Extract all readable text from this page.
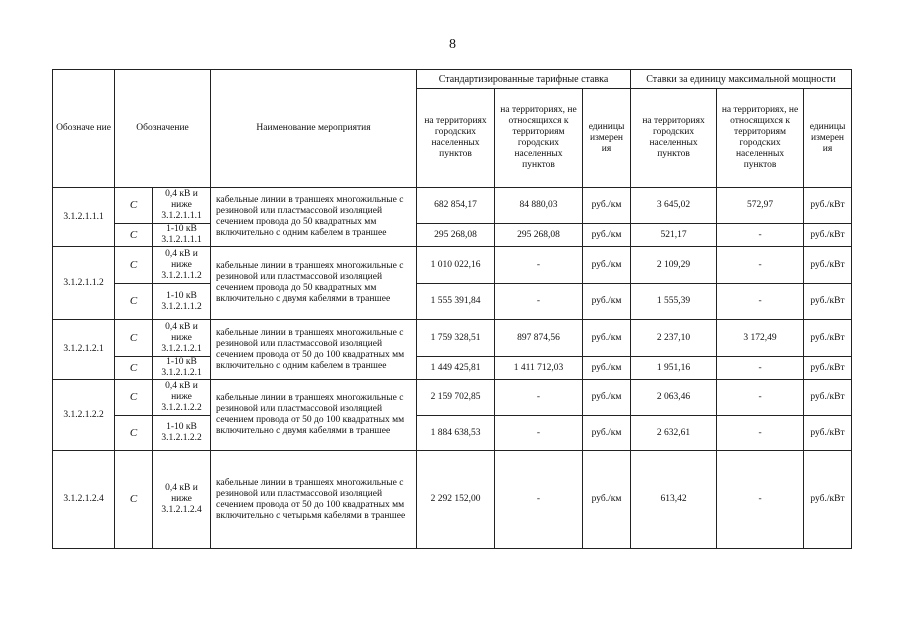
8
Обозначе ние	Обозначение		Наименование мероприятия	Стандартизированные тарифные ставка			Ставки за единицу максимальной мощности		
				на территориях городских населенных пунктов	на территориях, не относящихся к территориям городских населенных пунктов	единицы измерен ия	на территориях городских населенных пунктов	на территориях, не относящихся к территориям городских населенных пунктов	единицы измерен ия
3.1.2.1.1.1	C	0,4 кВ и ниже 3.1.2.1.1.1	кабельные линии в траншеях многожильные с резиновой или пластмассовой изоляцией сечением провода до 50 квадратных мм включительно с одним кабелем в траншее	682 854,17	84 880,03	руб./км	3 645,02	572,97	руб./кВт
	C	1-10 кВ 3.1.2.1.1.1		295 268,08	295 268,08	руб./км	521,17	-	руб./кВт
3.1.2.1.1.2	C	0,4 кВ и ниже 3.1.2.1.1.2	кабельные линии в траншеях многожильные с резиновой или пластмассовой изоляцией сечением провода до 50 квадратных мм включительно с двумя кабелями в траншее	1 010 022,16	-	руб./км	2 109,29	-	руб./кВт
	C	1-10 кВ 3.1.2.1.1.2		1 555 391,84	-	руб./км	1 555,39	-	руб./кВт
3.1.2.1.2.1	C	0,4 кВ и ниже 3.1.2.1.2.1	кабельные линии в траншеях многожильные с резиновой или пластмассовой изоляцией сечением провода от 50 до 100 квадратных мм включительно с одним кабелем в траншее	1 759 328,51	897 874,56	руб./км	2 237,10	3 172,49	руб./кВт
	C	1-10 кВ 3.1.2.1.2.1		1 449 425,81	1 411 712,03	руб./км	1 951,16	-	руб./кВт
3.1.2.1.2.2	C	0,4 кВ и ниже 3.1.2.1.2.2	кабельные линии в траншеях многожильные с резиновой или пластмассовой изоляцией сечением провода от 50 до 100 квадратных мм включительно с двумя кабелями в траншее	2 159 702,85	-	руб./км	2 063,46	-	руб./кВт
	C	1-10 кВ 3.1.2.1.2.2		1 884 638,53	-	руб./км	2 632,61	-	руб./кВт
3.1.2.1.2.4	C	0,4 кВ и ниже 3.1.2.1.2.4	кабельные линии в траншеях многожильные с резиновой или пластмассовой изоляцией сечением провода от 50 до 100 квадратных мм включительно с четырьмя кабелями в траншее	2 292 152,00	-	руб./км	613,42	-	руб./кВт
